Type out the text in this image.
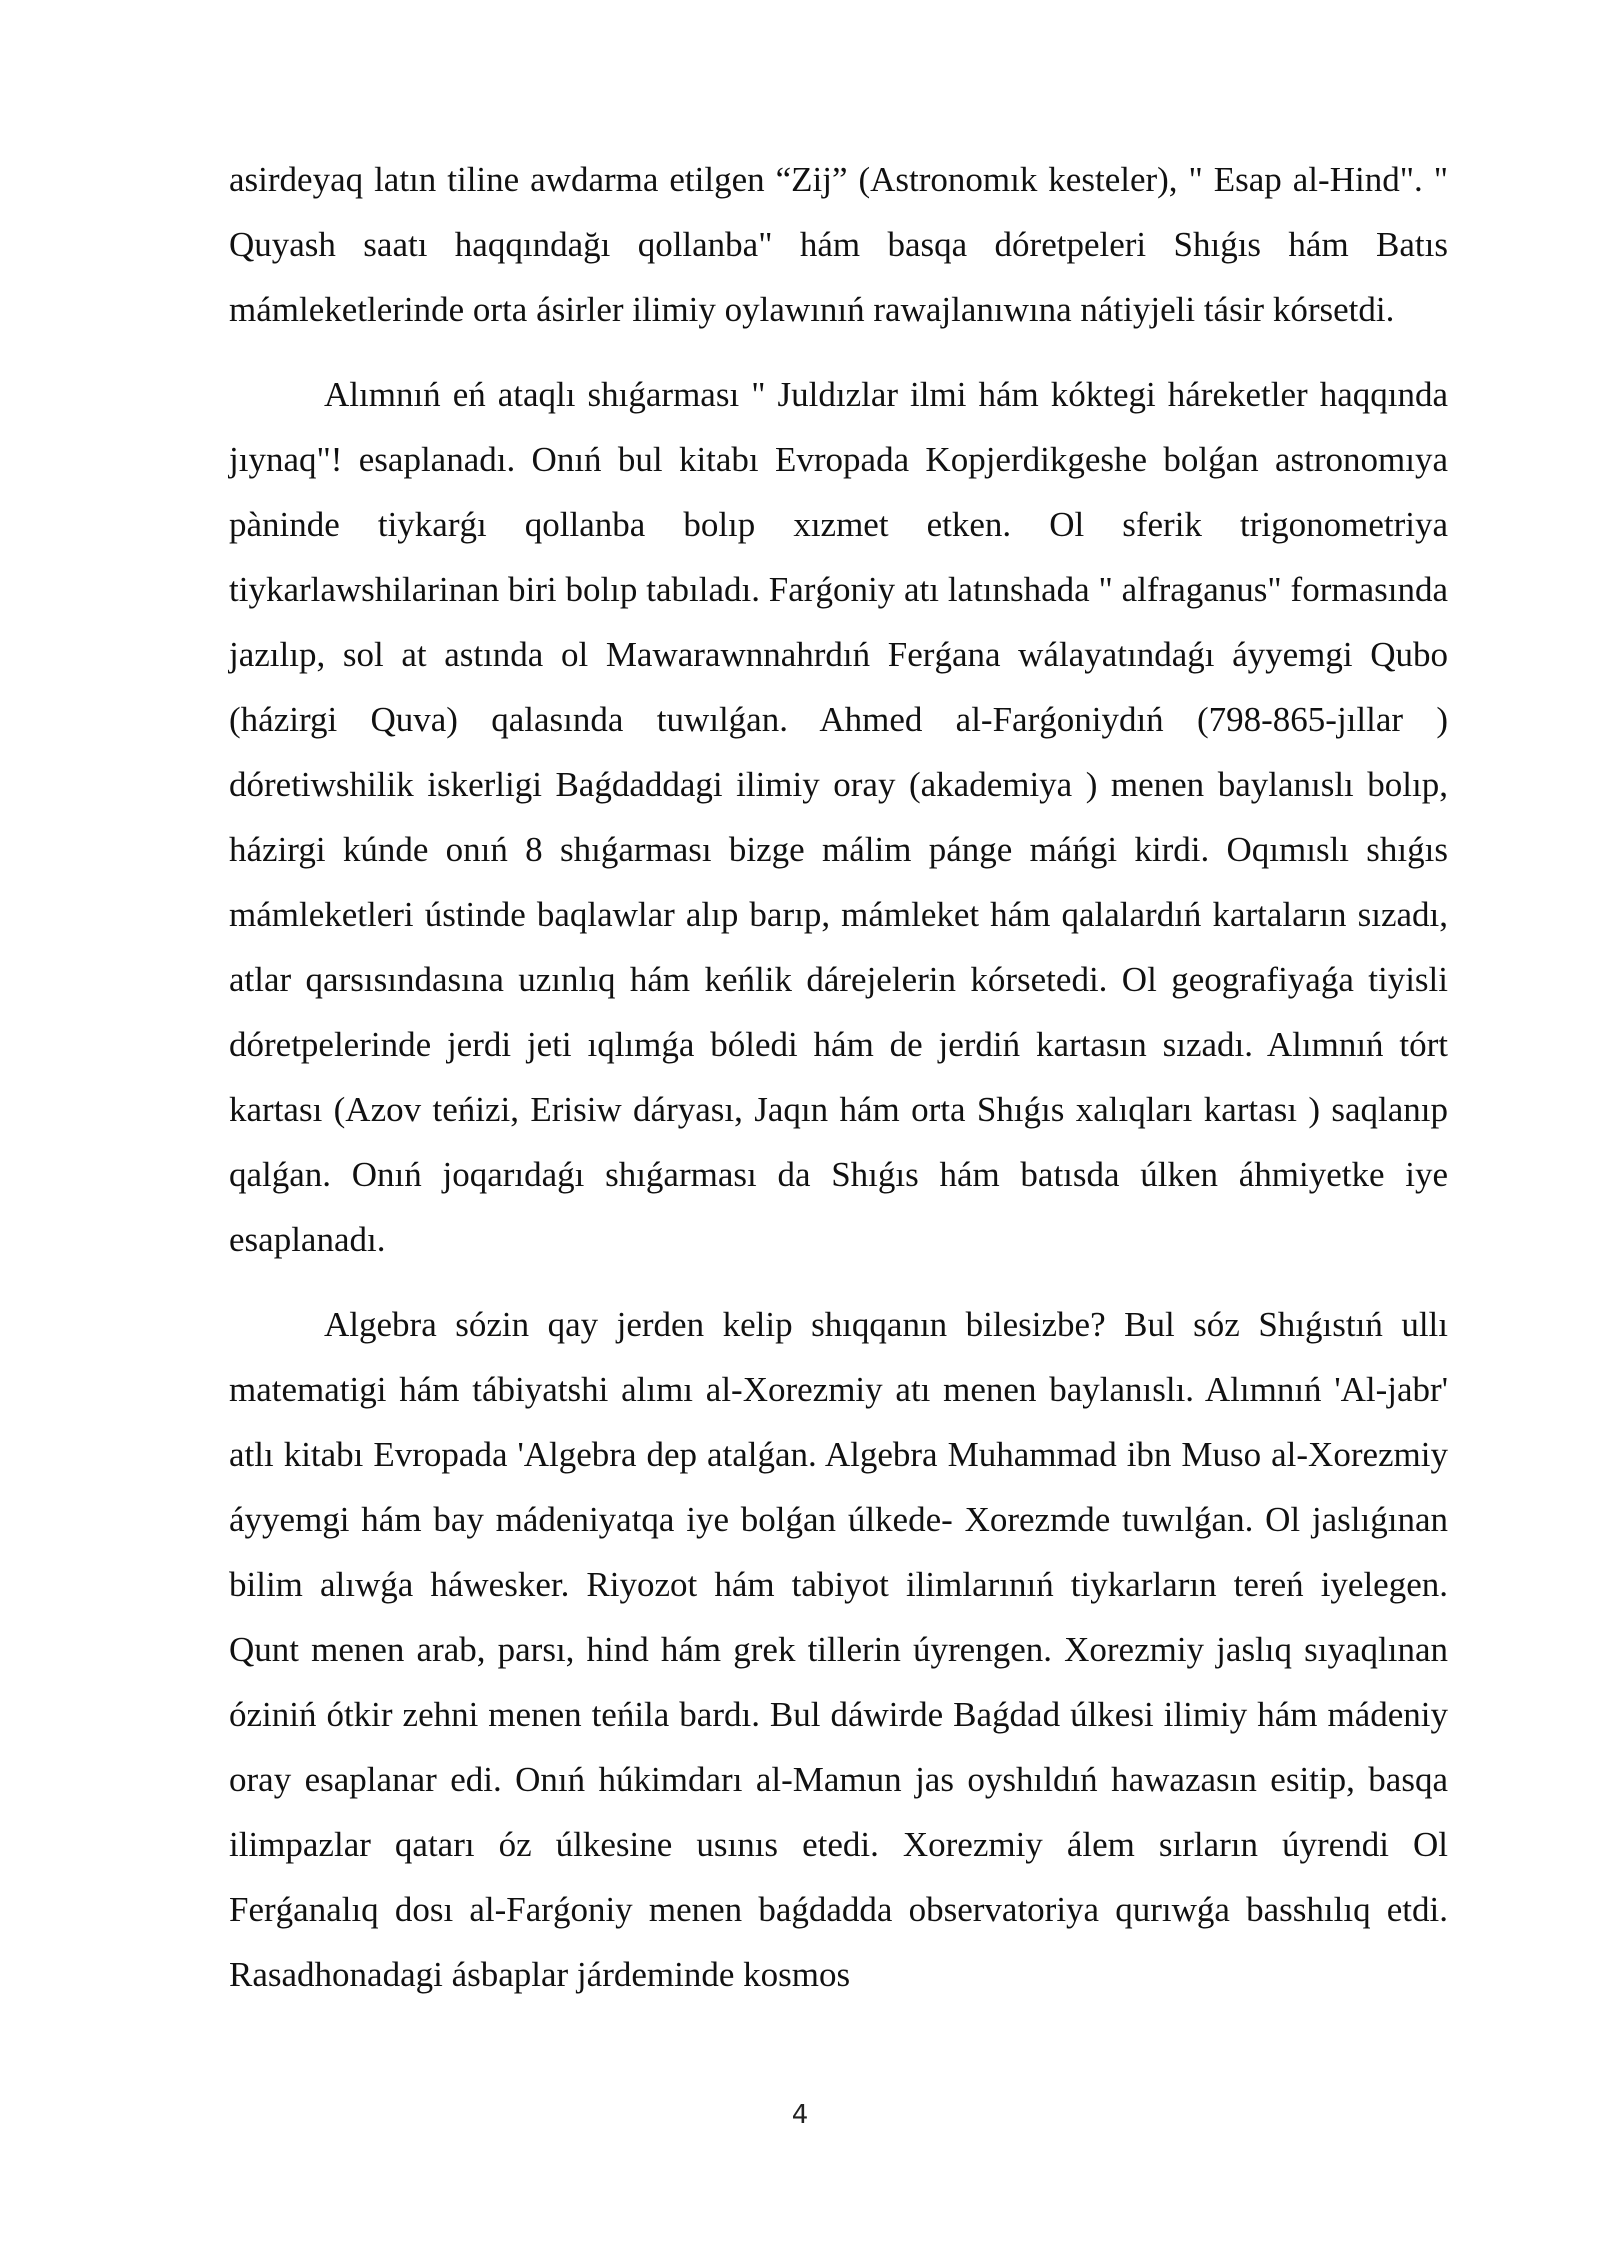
asirdeyaq latın tiline awdarma etilgen “Zij” (Astronomık kesteler), " Esap al-Hind". " Quyash saatı haqqındağı qollanba" hám basqa dóretpeleri Shıǵıs hám Batıs mámleketlerinde orta ásirler ilimiy oylawınıń rawajlanıwına nátiyjeli tásir kórsetdi.

Alımnıń eń ataqlı shıǵarması " Juldızlar ilmi hám kóktegi háreketler haqqında jıynaq"! esaplanadı. Onıń bul kitabı Evropada Kopjerdikgeshe bolǵan astronomıya pàninde tiykarǵı qollanba bolıp xızmet etken. Ol sferik trigonometriya tiykarlawshilarinan biri bolıp tabıladı. Farǵoniy atı latınshada " alfraganus" formasında jazılıp, sol at astında ol Mawarawnnahrdıń Ferǵana wálayatındaǵı áyyemgi Qubo (házirgi Quva) qalasında tuwılǵan. Ahmed al-Farǵoniydıń (798-865-jıllar ) dóretiwshilik iskerligi Baǵdaddagi ilimiy oray (akademiya ) menen baylanıslı bolıp, házirgi kúnde onıń 8 shıǵarması bizge málim pánge máńgi kirdi. Oqımıslı shıǵıs mámleketleri ústinde baqlawlar alıp barıp, mámleket hám qalalardıń kartaların sızadı, atlar qarsısındasına uzınlıq hám keńlik dárejelerin kórsetedi. Ol geografiyaǵa tiyisli dóretpelerinde jerdi jeti ıqlımǵa bóledi hám de jerdiń kartasın sızadı. Alımnıń tórt kartası (Azov teńizi, Erisiw dáryası, Jaqın hám orta Shıǵıs xalıqları kartası ) saqlanıp qalǵan. Onıń joqarıdaǵı shıǵarması da Shıǵıs hám batısda úlken áhmiyetke iye esaplanadı.

Algebra sózin qay jerden kelip shıqqanın bilesizbe? Bul sóz Shıǵıstıń ullı matematigi hám tábiyatshi alımı al-Xorezmiy atı menen baylanıslı. Alımnıń 'Al-jabr' atlı kitabı Evropada 'Algebra dep atalǵan. Algebra Muhammad ibn Muso al-Xorezmiy áyyemgi hám bay mádeniyatqa iye bolǵan úlkede- Xorezmde tuwılǵan. Ol jaslıǵınan bilim alıwǵa háwesker. Riyozot hám tabiyot ilimlarınıń tiykarların tereń iyelegen. Qunt menen arab, parsı, hind hám grek tillerin úyrengen. Xorezmiy jaslıq sıyaqlınan óziniń ótkir zehni menen teńila bardı. Bul dáwirde Baǵdad úlkesi ilimiy hám mádeniy oray esaplanar edi. Onıń húkimdarı al-Mamun jas oyshıldıń hawazasın esitip, basqa ilimpazlar qatarı óz úlkesine usınıs etedi. Xorezmiy álem sırların úyrendi Ol Ferǵanalıq dosı al-Farǵoniy menen baǵdadda observatoriya qurıwǵa basshılıq etdi. Rasadhonadagi ásbaplar járdeminde kosmos

4
